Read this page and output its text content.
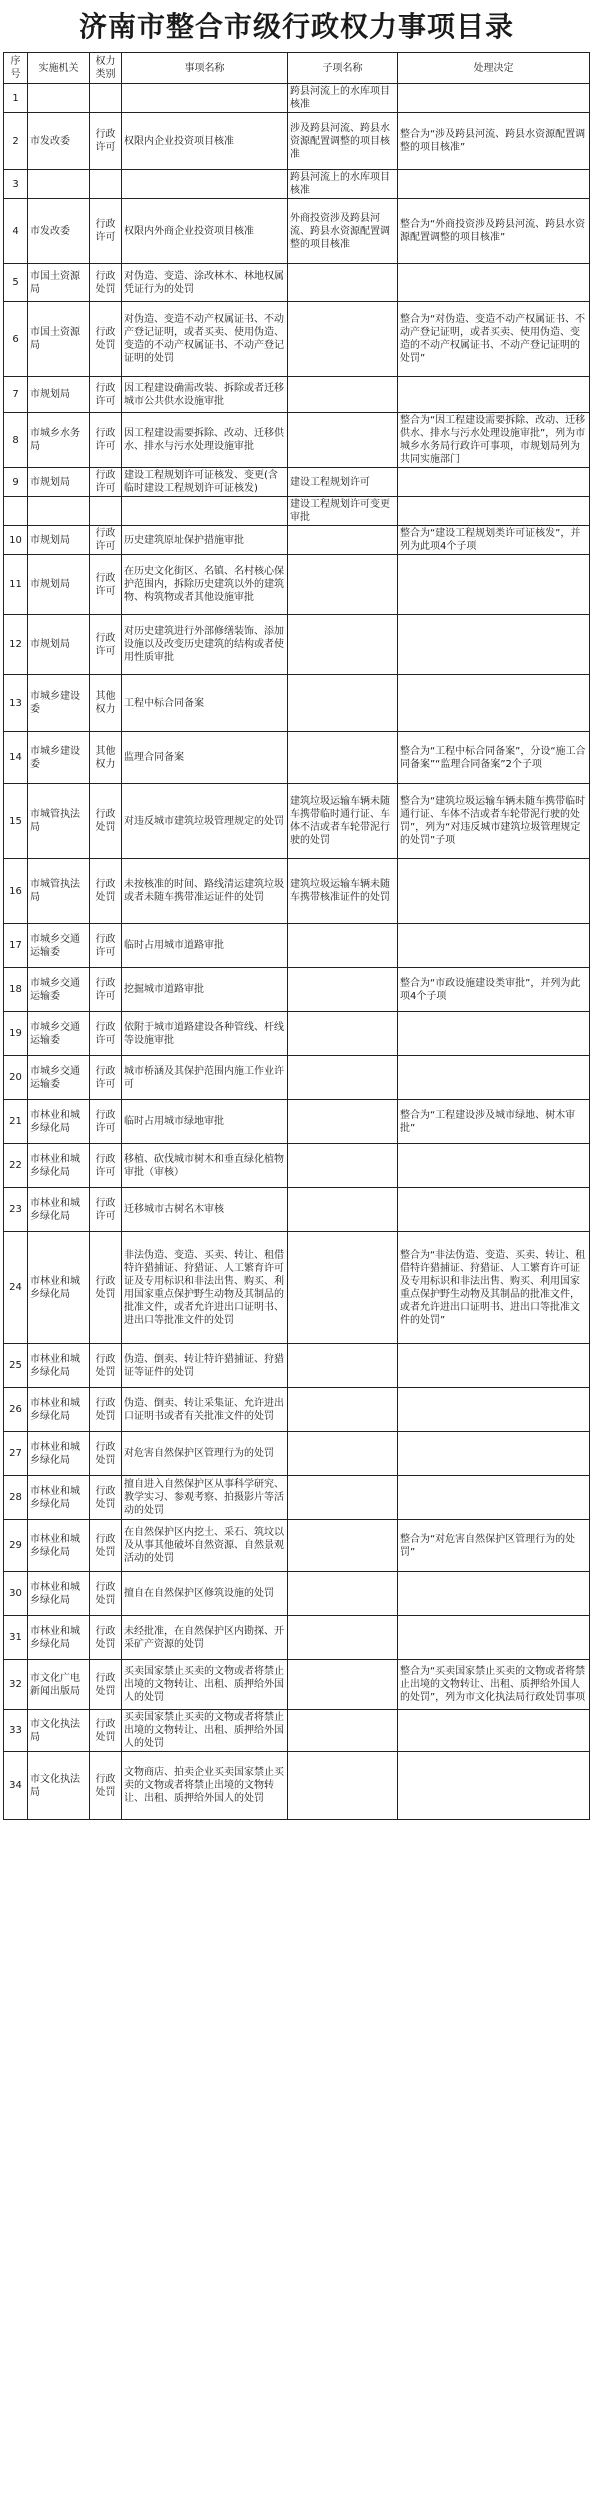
济南市整合市级行政权力事项目录
序号	实施机关	权力类别	事项名称	子项名称	处理决定
1				跨县河流上的水库项目核准	
2	市发改委	行政许可	权限内企业投资项目核准	涉及跨县河流、跨县水资源配置调整的项目核准	整合为“涉及跨县河流、跨县水资源配置调整的项目核准”
3				跨县河流上的水库项目核准	
4	市发改委	行政许可	权限内外商企业投资项目核准	外商投资涉及跨县河流、跨县水资源配置调整的项目核准	整合为“外商投资涉及跨县河流、跨县水资源配置调整的项目核准”
5	市国土资源局	行政处罚	对伪造、变造、涂改林木、林地权属凭证行为的处罚		
6	市国土资源局	行政处罚	对伪造、变造不动产权属证书、不动产登记证明，或者买卖、使用伪造、变造的不动产权属证书、不动产登记证明的处罚		整合为“对伪造、变造不动产权属证书、不动产登记证明，或者买卖、使用伪造、变造的不动产权属证书、不动产登记证明的处罚”
7	市规划局	行政许可	因工程建设确需改装、拆除或者迁移城市公共供水设施审批		
8	市城乡水务局	行政许可	因工程建设需要拆除、改动、迁移供水、排水与污水处理设施审批		整合为“因工程建设需要拆除、改动、迁移供水、排水与污水处理设施审批”，列为市城乡水务局行政许可事项，市规划局列为共同实施部门
9	市规划局	行政许可	建设工程规划许可证核发、变更(含临时建设工程规划许可证核发)	建设工程规划许可	
				建设工程规划许可变更审批	
10	市规划局	行政许可	历史建筑原址保护措施审批		整合为“建设工程规划类许可证核发”，并列为此项4个子项
11	市规划局	行政许可	在历史文化街区、名镇、名村核心保护范围内，拆除历史建筑以外的建筑物、构筑物或者其他设施审批		
12	市规划局	行政许可	对历史建筑进行外部修缮装饰、添加设施以及改变历史建筑的结构或者使用性质审批		
13	市城乡建设委	其他权力	工程中标合同备案		
14	市城乡建设委	其他权力	监理合同备案		整合为“工程中标合同备案”，分设“施工合同备案”“监理合同备案”2个子项
15	市城管执法局	行政处罚	对违反城市建筑垃圾管理规定的处罚	建筑垃圾运输车辆未随车携带临时通行证、车体不洁或者车轮带泥行驶的处罚	整合为“建筑垃圾运输车辆未随车携带临时通行证、车体不洁或者车轮带泥行驶的处罚”，列为“对违反城市建筑垃圾管理规定的处罚”子项
16	市城管执法局	行政处罚	未按核准的时间、路线清运建筑垃圾或者未随车携带准运证件的处罚	建筑垃圾运输车辆未随车携带核准证件的处罚	
17	市城乡交通运输委	行政许可	临时占用城市道路审批		
18	市城乡交通运输委	行政许可	挖掘城市道路审批		整合为“市政设施建设类审批”，并列为此项4个子项
19	市城乡交通运输委	行政许可	依附于城市道路建设各种管线、杆线等设施审批		
20	市城乡交通运输委	行政许可	城市桥涵及其保护范围内施工作业许可		
21	市林业和城乡绿化局	行政许可	临时占用城市绿地审批		整合为“工程建设涉及城市绿地、树木审批”
22	市林业和城乡绿化局	行政许可	移植、砍伐城市树木和垂直绿化植物审批（审核）		
23	市林业和城乡绿化局	行政许可	迁移城市古树名木审核		
24	市林业和城乡绿化局	行政处罚	非法伪造、变造、买卖、转让、租借特许猎捕证、狩猎证、人工繁育许可证及专用标识和非法出售、购买、利用国家重点保护野生动物及其制品的批准文件，或者允许进出口证明书、进出口等批准文件的处罚		整合为“非法伪造、变造、买卖、转让、租借特许猎捕证、狩猎证、人工繁育许可证及专用标识和非法出售、购买、利用国家重点保护野生动物及其制品的批准文件，或者允许进出口证明书、进出口等批准文件的处罚”
25	市林业和城乡绿化局	行政处罚	伪造、倒卖、转让特许猎捕证、狩猎证等证件的处罚		
26	市林业和城乡绿化局	行政处罚	伪造、倒卖、转让采集证、允许进出口证明书或者有关批准文件的处罚		
27	市林业和城乡绿化局	行政处罚	对危害自然保护区管理行为的处罚		
28	市林业和城乡绿化局	行政处罚	擅自进入自然保护区从事科学研究、教学实习、参观考察、拍摄影片等活动的处罚		
29	市林业和城乡绿化局	行政处罚	在自然保护区内挖土、采石、筑坟以及从事其他破坏自然资源、自然景观活动的处罚		整合为“对危害自然保护区管理行为的处罚”
30	市林业和城乡绿化局	行政处罚	擅自在自然保护区修筑设施的处罚		
31	市林业和城乡绿化局	行政处罚	未经批准，在自然保护区内勘探、开采矿产资源的处罚		
32	市文化广电新闻出版局	行政处罚	买卖国家禁止买卖的文物或者将禁止出境的文物转让、出租、质押给外国人的处罚		整合为“买卖国家禁止买卖的文物或者将禁止出境的文物转让、出租、质押给外国人的处罚”，列为市文化执法局行政处罚事项
33	市文化执法局	行政处罚	买卖国家禁止买卖的文物或者将禁止出境的文物转让、出租、质押给外国人的处罚		
34	市文化执法局	行政处罚	文物商店、拍卖企业买卖国家禁止买卖的文物或者将禁止出境的文物转让、出租、质押给外国人的处罚		
